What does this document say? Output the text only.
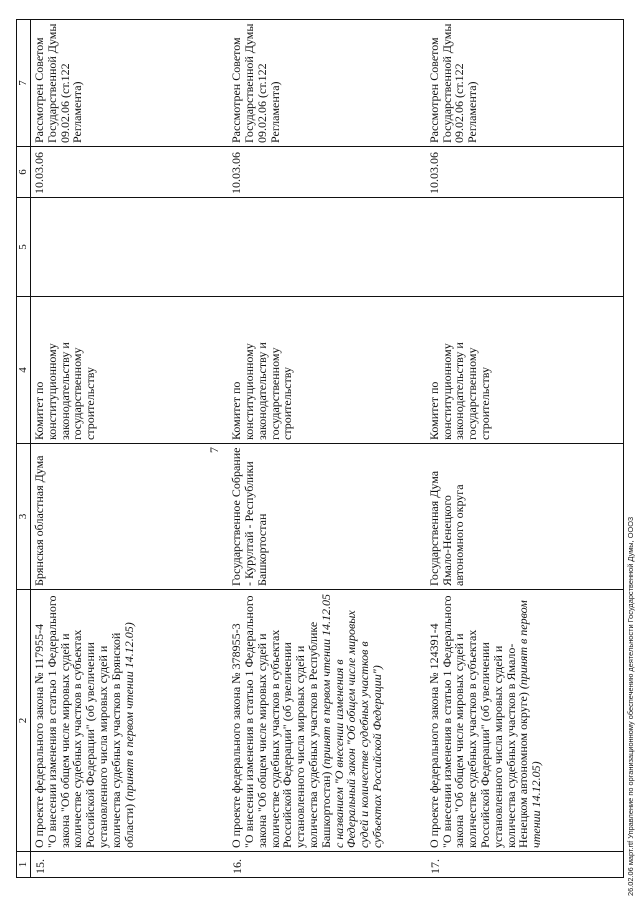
7
1	2	3	4	5	6	7
15.	О проекте федерального закона № 117955-4
"О внесении изменения в статью 1 Федерального закона "Об общем числе мировых судей и количестве судебных участков в субъектах Российской Федерации" (об увеличении установленного числа мировых судей и количества судебных участков в Брянской области) (принят в первом чтении 14.12.05)	Брянская областная Дума	Комитет по конституционному законодательству и государственному строительству		10.03.06	Рассмотрен Советом Государственной Думы 09.02.06 (ст.122 Регламента)
16.	О проекте федерального закона № 378955-3
"О внесении изменения в статью 1 Федерального закона "Об общем числе мировых судей и количестве судебных участков в субъектах Российской Федерации" (об увеличении установленного числа мировых судей и количества судебных участков в Республике Башкортостан) (принят в первом чтении 14.12.05 с названием "О внесении изменения в Федеральный закон "Об общем числе мировых судей и количестве судебных участков в субъектах Российской Федерации")	Государственное Собрание - Курултай - Республики Башкортостан	Комитет по конституционному законодательству и государственному строительству		10.03.06	Рассмотрен Советом Государственной Думы 09.02.06 (ст.122 Регламента)
17.	О проекте федерального закона № 124391-4
"О внесении изменения в статью 1 Федерального закона "Об общем числе мировых судей и количестве судебных участков в субъектах Российской Федерации" (об увеличении установленного числа мировых судей и количества судебных участков в Ямало-Ненецком автономном округе) (принят в первом чтении 14.12.05)	Государственная Дума Ямало-Ненецкого автономного округа	Комитет по конституционному законодательству и государственному строительству		10.03.06	Рассмотрен Советом Государственной Думы 09.02.06 (ст.122 Регламента)
26.02.06 март.rtf Управление по организационному обеспечению деятельности Государственной Думы, ООО3
